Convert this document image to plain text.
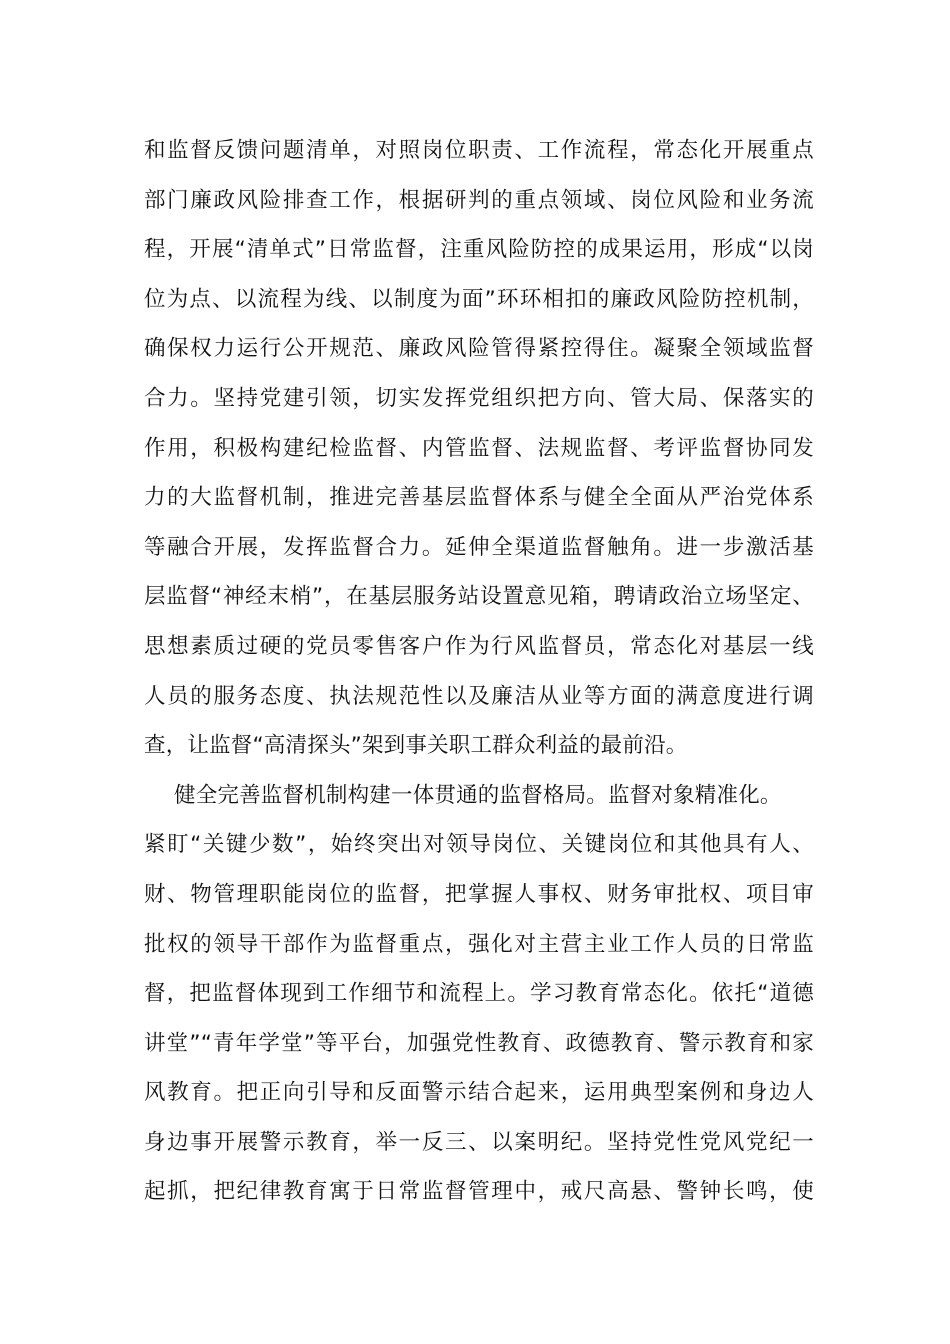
和监督反馈问题清单，对照岗位职责、工作流程，常态化开展重点
部门廉政风险排查工作，根据研判的重点领域、岗位风险和业务流
程，开展“清单式”日常监督，注重风险防控的成果运用，形成“以岗
位为点、以流程为线、以制度为面”环环相扣的廉政风险防控机制，
确保权力运行公开规范、廉政风险管得紧控得住。凝聚全领域监督
合力。坚持党建引领，切实发挥党组织把方向、管大局、保落实的
作用，积极构建纪检监督、内管监督、法规监督、考评监督协同发
力的大监督机制，推进完善基层监督体系与健全全面从严治党体系
等融合开展，发挥监督合力。延伸全渠道监督触角。进一步激活基
层监督“神经末梢”，在基层服务站设置意见箱，聘请政治立场坚定、
思想素质过硬的党员零售客户作为行风监督员，常态化对基层一线
人员的服务态度、执法规范性以及廉洁从业等方面的满意度进行调
查，让监督“高清探头”架到事关职工群众利益的最前沿。
健全完善监督机制构建一体贯通的监督格局。监督对象精准化。
紧盯“关键少数”，始终突出对领导岗位、关键岗位和其他具有人、
财、物管理职能岗位的监督，把掌握人事权、财务审批权、项目审
批权的领导干部作为监督重点，强化对主营主业工作人员的日常监
督，把监督体现到工作细节和流程上。学习教育常态化。依托“道德
讲堂”“青年学堂”等平台，加强党性教育、政德教育、警示教育和家
风教育。把正向引导和反面警示结合起来，运用典型案例和身边人
身边事开展警示教育，举一反三、以案明纪。坚持党性党风党纪一
起抓，把纪律教育寓于日常监督管理中，戒尺高悬、警钟长鸣，使
